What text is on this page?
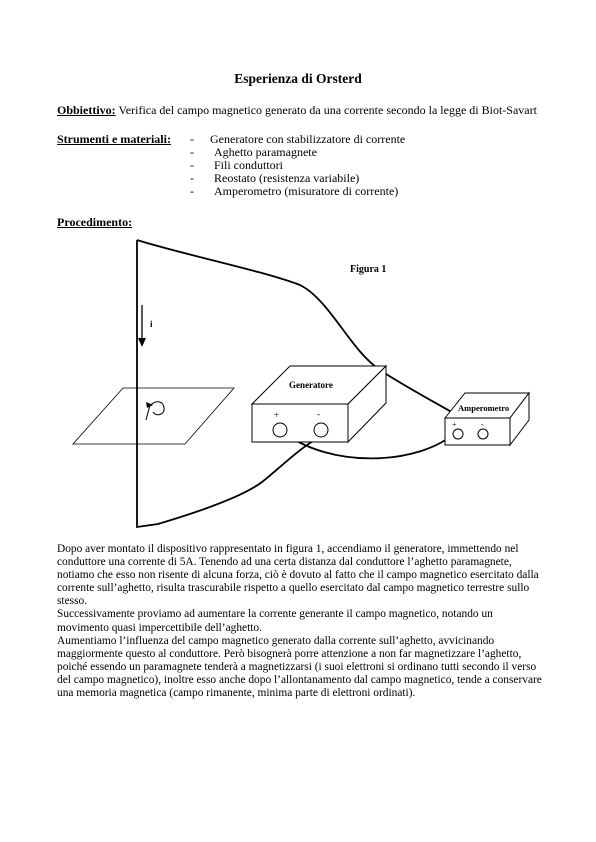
Esperienza di Orsterd
Obbiettivo: Verifica del campo magnetico generato da una corrente secondo la legge di Biot-Savart
Strumenti e materiali: -	Generatore con stabilizzatore di corrente
-	Aghetto paramagnete
-	Fili conduttori
-	Reostato (resistenza variabile)
-	Amperometro (misuratore di corrente)
Procedimento:
i
Figura 1
Generatore
+	-
Amperometro
+	-

Dopo aver montato il dispositivo rappresentato in figura 1, accendiamo il generatore, immettendo nel conduttore una corrente di 5A. Tenendo ad una certa distanza dal conduttore l’aghetto paramagnete, notiamo che esso non risente di alcuna forza, ciò è dovuto al fatto che il campo magnetico esercitato dalla corrente sull’aghetto, risulta trascurabile rispetto a quello esercitato dal campo magnetico terrestre sullo stesso.

Successivamente proviamo ad aumentare la corrente generante il campo magnetico, notando un movimento quasi impercettibile dell’aghetto.

Aumentiamo l’influenza del campo magnetico generato dalla corrente sull’aghetto, avvicinando maggiormente questo al conduttore. Però bisognerà porre attenzione a non far magnetizzare l’aghetto, poiché essendo un paramagnete tenderà a magnetizzarsi (i suoi elettroni si ordinano tutti secondo il verso del campo magnetico), inoltre esso anche dopo l’allontanamento dal campo magnetico, tende a conservare una memoria magnetica (campo rimanente, minima parte di elettroni ordinati).
